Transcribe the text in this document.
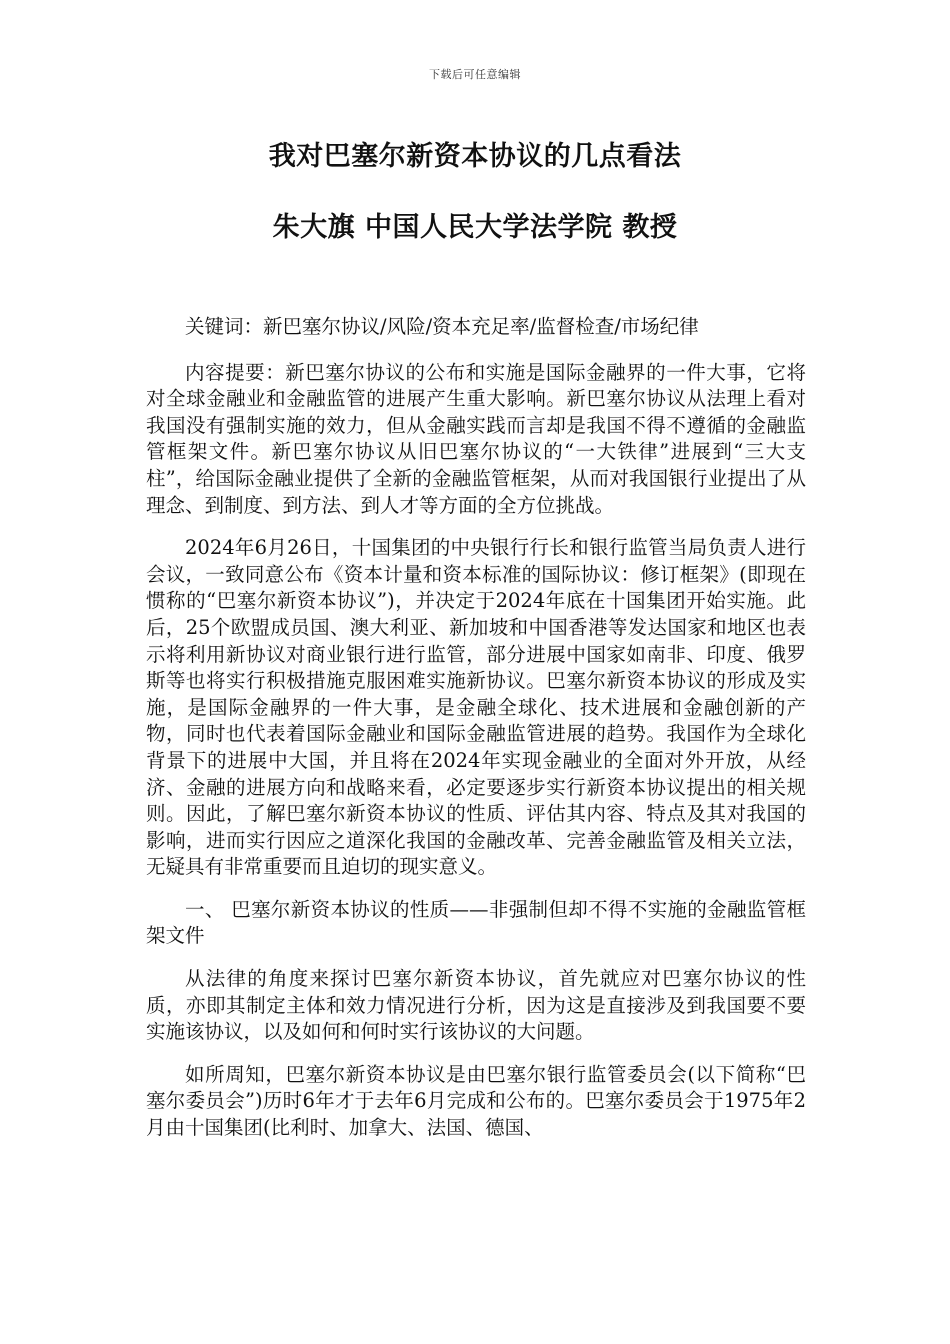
下载后可任意编辑
我对巴塞尔新资本协议的几点看法
朱大旗 中国人民大学法学院 教授

关键词：新巴塞尔协议/风险/资本充足率/监督检查/市场纪律

内容提要：新巴塞尔协议的公布和实施是国际金融界的一件大事，它将对全球金融业和金融监管的进展产生重大影响。新巴塞尔协议从法理上看对我国没有强制实施的效力，但从金融实践而言却是我国不得不遵循的金融监管框架文件。新巴塞尔协议从旧巴塞尔协议的“一大铁律”进展到“三大支柱”，给国际金融业提供了全新的金融监管框架，从而对我国银行业提出了从理念、到制度、到方法、到人才等方面的全方位挑战。

2024年6月26日，十国集团的中央银行行长和银行监管当局负责人进行会议，一致同意公布《资本计量和资本标准的国际协议：修订框架》(即现在惯称的“巴塞尔新资本协议”)，并决定于2024年底在十国集团开始实施。此后，25个欧盟成员国、澳大利亚、新加坡和中国香港等发达国家和地区也表示将利用新协议对商业银行进行监管，部分进展中国家如南非、印度、俄罗斯等也将实行积极措施克服困难实施新协议。巴塞尔新资本协议的形成及实施，是国际金融界的一件大事，是金融全球化、技术进展和金融创新的产物，同时也代表着国际金融业和国际金融监管进展的趋势。我国作为全球化背景下的进展中大国，并且将在2024年实现金融业的全面对外开放，从经济、金融的进展方向和战略来看，必定要逐步实行新资本协议提出的相关规则。因此，了解巴塞尔新资本协议的性质、评估其内容、特点及其对我国的影响，进而实行因应之道深化我国的金融改革、完善金融监管及相关立法，无疑具有非常重要而且迫切的现实意义。

一、 巴塞尔新资本协议的性质——非强制但却不得不实施的金融监管框架文件

从法律的角度来探讨巴塞尔新资本协议，首先就应对巴塞尔协议的性质，亦即其制定主体和效力情况进行分析，因为这是直接涉及到我国要不要实施该协议，以及如何和何时实行该协议的大问题。

如所周知，巴塞尔新资本协议是由巴塞尔银行监管委员会(以下简称“巴塞尔委员会”)历时6年才于去年6月完成和公布的。巴塞尔委员会于1975年2月由十国集团(比利时、加拿大、法国、德国、
